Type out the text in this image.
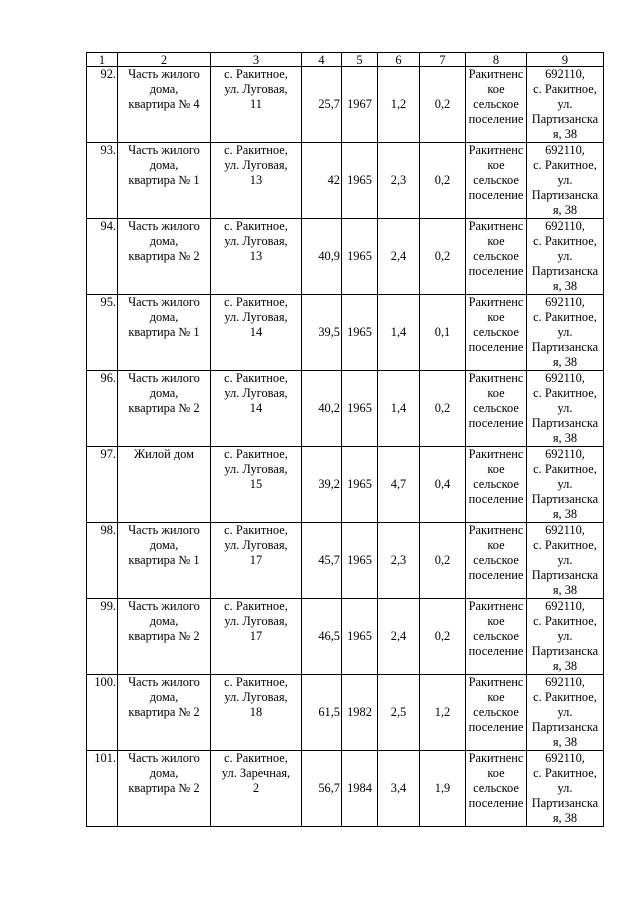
1	2	3	4	5	6	7	8	9
92.	Часть жилого
дома,
квартира № 4	с. Ракитное,
ул. Луговая,
11	25,7	1967	1,2	0,2	Ракитненс
кое
сельское
поселение	692110,
с. Ракитное,
ул.
Партизанска
я, 38
93.	Часть жилого
дома,
квартира № 1	с. Ракитное,
ул. Луговая,
13	42	1965	2,3	0,2	Ракитненс
кое
сельское
поселение	692110,
с. Ракитное,
ул.
Партизанска
я, 38
94.	Часть жилого
дома,
квартира № 2	с. Ракитное,
ул. Луговая,
13	40,9	1965	2,4	0,2	Ракитненс
кое
сельское
поселение	692110,
с. Ракитное,
ул.
Партизанска
я, 38
95.	Часть жилого
дома,
квартира № 1	с. Ракитное,
ул. Луговая,
14	39,5	1965	1,4	0,1	Ракитненс
кое
сельское
поселение	692110,
с. Ракитное,
ул.
Партизанска
я, 38
96.	Часть жилого
дома,
квартира № 2	с. Ракитное,
ул. Луговая,
14	40,2	1965	1,4	0,2	Ракитненс
кое
сельское
поселение	692110,
с. Ракитное,
ул.
Партизанска
я, 38
97.	Жилой дом	с. Ракитное,
ул. Луговая,
15	39,2	1965	4,7	0,4	Ракитненс
кое
сельское
поселение	692110,
с. Ракитное,
ул.
Партизанска
я, 38
98.	Часть жилого
дома,
квартира № 1	с. Ракитное,
ул. Луговая,
17	45,7	1965	2,3	0,2	Ракитненс
кое
сельское
поселение	692110,
с. Ракитное,
ул.
Партизанска
я, 38
99.	Часть жилого
дома,
квартира № 2	с. Ракитное,
ул. Луговая,
17	46,5	1965	2,4	0,2	Ракитненс
кое
сельское
поселение	692110,
с. Ракитное,
ул.
Партизанска
я, 38
100.	Часть жилого
дома,
квартира № 2	с. Ракитное,
ул. Луговая,
18	61,5	1982	2,5	1,2	Ракитненс
кое
сельское
поселение	692110,
с. Ракитное,
ул.
Партизанска
я, 38
101.	Часть жилого
дома,
квартира № 2	с. Ракитное,
ул. Заречная,
2	56,7	1984	3,4	1,9	Ракитненс
кое
сельское
поселение	692110,
с. Ракитное,
ул.
Партизанска
я, 38
